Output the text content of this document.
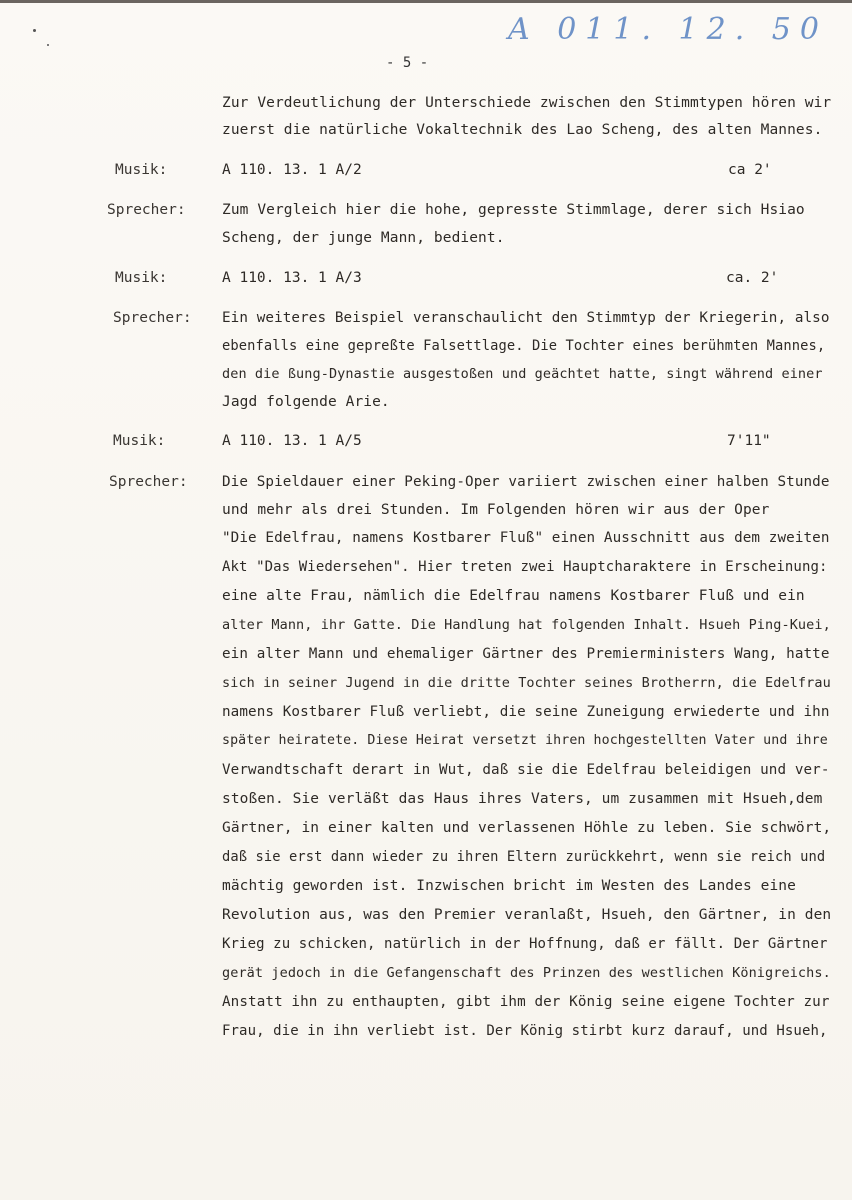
A 011. 12. 50
- 5 -
Zur Verdeutlichung der Unterschiede zwischen den Stimmtypen hören wir
zuerst die natürliche Vokaltechnik des Lao Scheng, des alten Mannes.
Musik:	A 110. 13. 1 A/2	ca 2'
Sprecher:	Zum Vergleich hier die hohe, gepresste Stimmlage, derer sich Hsiao
Scheng, der junge Mann, bedient.
Musik:	A 110. 13. 1 A/3	ca. 2'
Sprecher: Ein weiteres Beispiel veranschaulicht den Stimmtyp der Kriegerin, also
ebenfalls eine gepreßte Falsettlage. Die Tochter eines berühmten Mannes,
den die ßung-Dynastie ausgestoßen und geächtet hatte, singt während einer
Jagd folgende Arie.
Musik:	A 110. 13. 1 A/5	7'11"
Sprecher: Die Spieldauer einer Peking-Oper variiert zwischen einer halben Stunde
und mehr als drei Stunden. Im Folgenden hören wir aus der Oper
"Die Edelfrau, namens Kostbarer Fluß" einen Ausschnitt aus dem zweiten
Akt "Das Wiedersehen". Hier treten zwei Hauptcharaktere in Erscheinung:
eine alte Frau, nämlich die Edelfrau namens Kostbarer Fluß und ein
alter Mann, ihr Gatte. Die Handlung hat folgenden Inhalt. Hsueh Ping-Kuei,
ein alter Mann und ehemaliger Gärtner des Premierministers Wang, hatte
sich in seiner Jugend in die dritte Tochter seines Brotherrn, die Edelfrau
namens Kostbarer Fluß verliebt, die seine Zuneigung erwiederte und ihn
später heiratete. Diese Heirat versetzt ihren hochgestellten Vater und ihre
Verwandtschaft derart in Wut, daß sie die Edelfrau beleidigen und ver-
stoßen. Sie verläßt das Haus ihres Vaters, um zusammen mit Hsueh,dem
Gärtner, in einer kalten und verlassenen Höhle zu leben. Sie schwört,
daß sie erst dann wieder zu ihren Eltern zurückkehrt, wenn sie reich und
mächtig geworden ist. Inzwischen bricht im Westen des Landes eine
Revolution aus, was den Premier veranlaßt, Hsueh, den Gärtner, in den
Krieg zu schicken, natürlich in der Hoffnung, daß er fällt. Der Gärtner
gerät jedoch in die Gefangenschaft des Prinzen des westlichen Königreichs.
Anstatt ihn zu enthaupten, gibt ihm der König seine eigene Tochter zur
Frau, die in ihn verliebt ist. Der König stirbt kurz darauf, und Hsueh,
